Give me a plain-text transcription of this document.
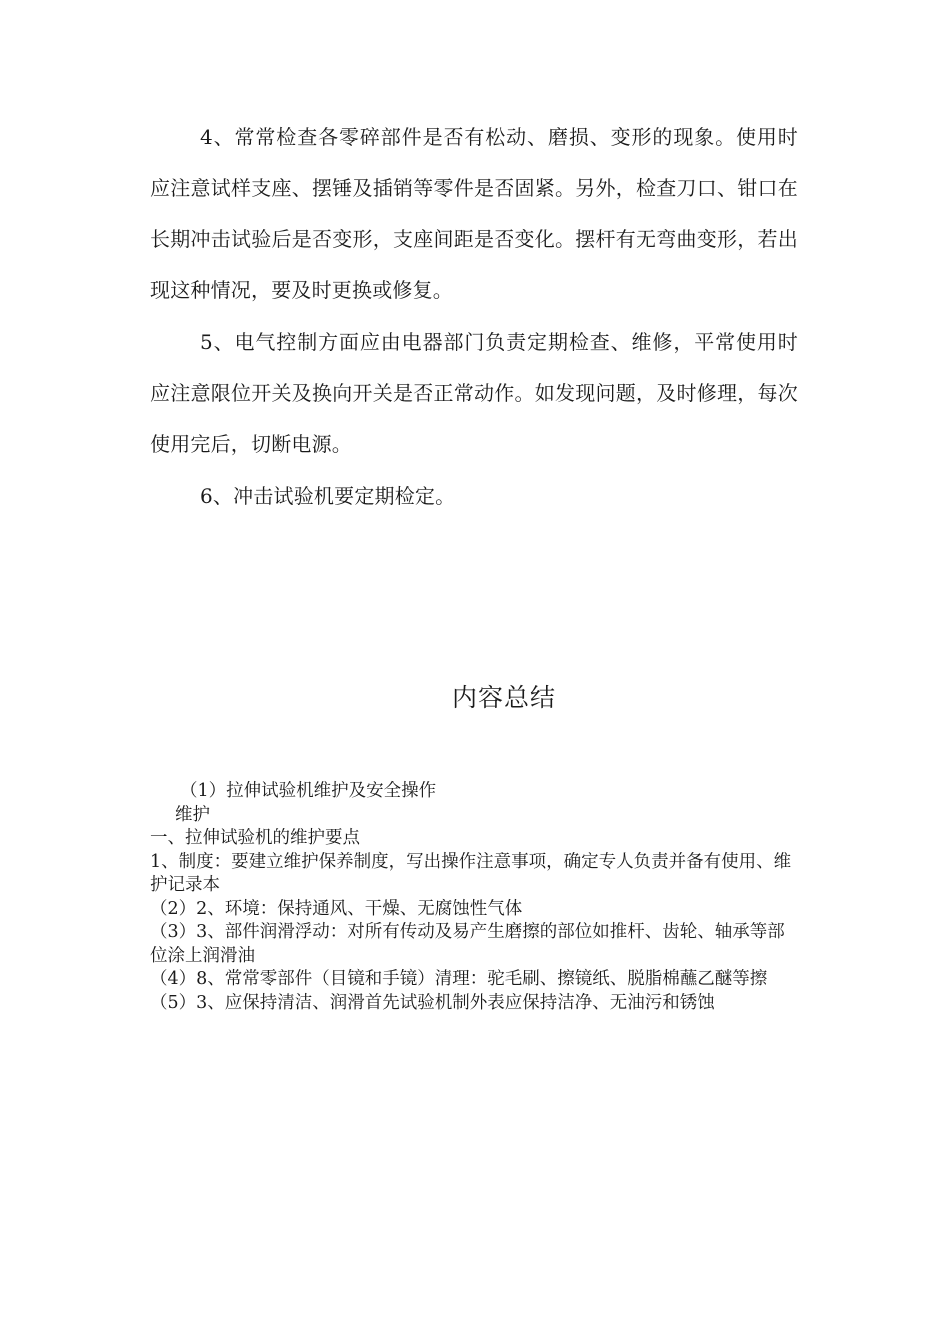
4、常常检查各零碎部件是否有松动、磨损、变形的现象。使用时应注意试样支座、摆锤及插销等零件是否固紧。另外，检查刀口、钳口在长期冲击试验后是否变形，支座间距是否变化。摆杆有无弯曲变形，若出现这种情况，要及时更换或修复。

5、电气控制方面应由电器部门负责定期检查、维修，平常使用时应注意限位开关及换向开关是否正常动作。如发现问题，及时修理，每次使用完后，切断电源。

6、冲击试验机要定期检定。

内容总结

（1）拉伸试验机维护及安全操作

维护

一、拉伸试验机的维护要点

1、制度：要建立维护保养制度，写出操作注意事项，确定专人负责并备有使用、维护记录本

（2）2、环境：保持通风、干燥、无腐蚀性气体

（3）3、部件润滑浮动：对所有传动及易产生磨擦的部位如推杆、齿轮、轴承等部位涂上润滑油

（4）8、常常零部件（目镜和手镜）清理：驼毛刷、擦镜纸、脱脂棉蘸乙醚等擦

（5）3、应保持清洁、润滑首先试验机制外表应保持洁净、无油污和锈蚀
